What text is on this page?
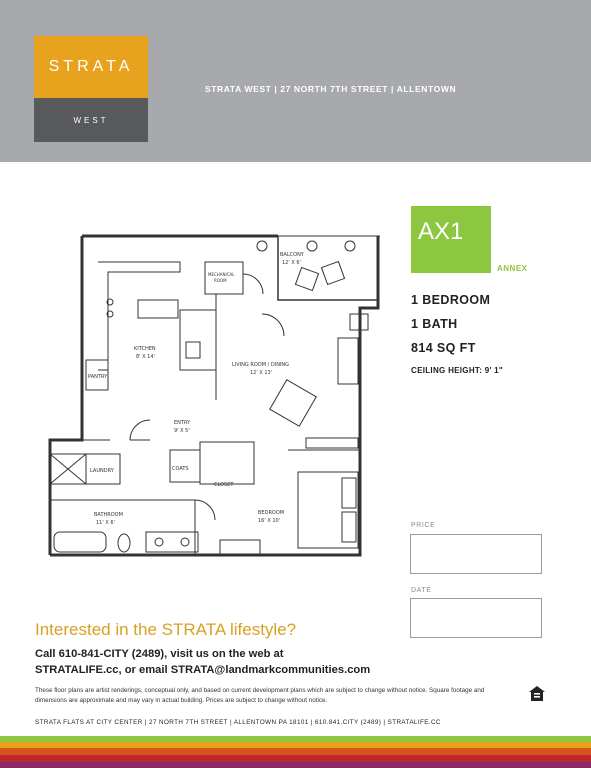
STRATA
WEST
STRATA WEST | 27 NORTH 7TH STREET | ALLENTOWN
BALCONY
12' X 6'
MECHANICAL
ROOM
KITCHEN
8' X 14'
PANTRY
LIVING ROOM / DINING
12' X 13'
ENTRY
9' X 5'
LAUNDRY	COATS
CLOSET
BATHROOM
11' X 6'
BEDROOM
16' X 10'
AX1
ANNEX
1 BEDROOM
1 BATH
814 SQ FT
CEILING HEIGHT: 9' 1"
PRICE
DATE
Interested in the STRATA lifestyle?
Call 610-841-CITY (2489), visit us on the web at
STRATALIFE.cc, or email STRATA@landmarkcommunities.com
These floor plans are artist renderings, conceptual only, and based on current development plans which are subject to change without notice. Square footage and dimensions are approximate and may vary in actual building. Prices are subject to change without notice.
STRATA FLATS AT CITY CENTER | 27 NORTH 7TH STREET | ALLENTOWN PA 18101 | 610.841.CITY (2489) | STRATALIFE.CC
